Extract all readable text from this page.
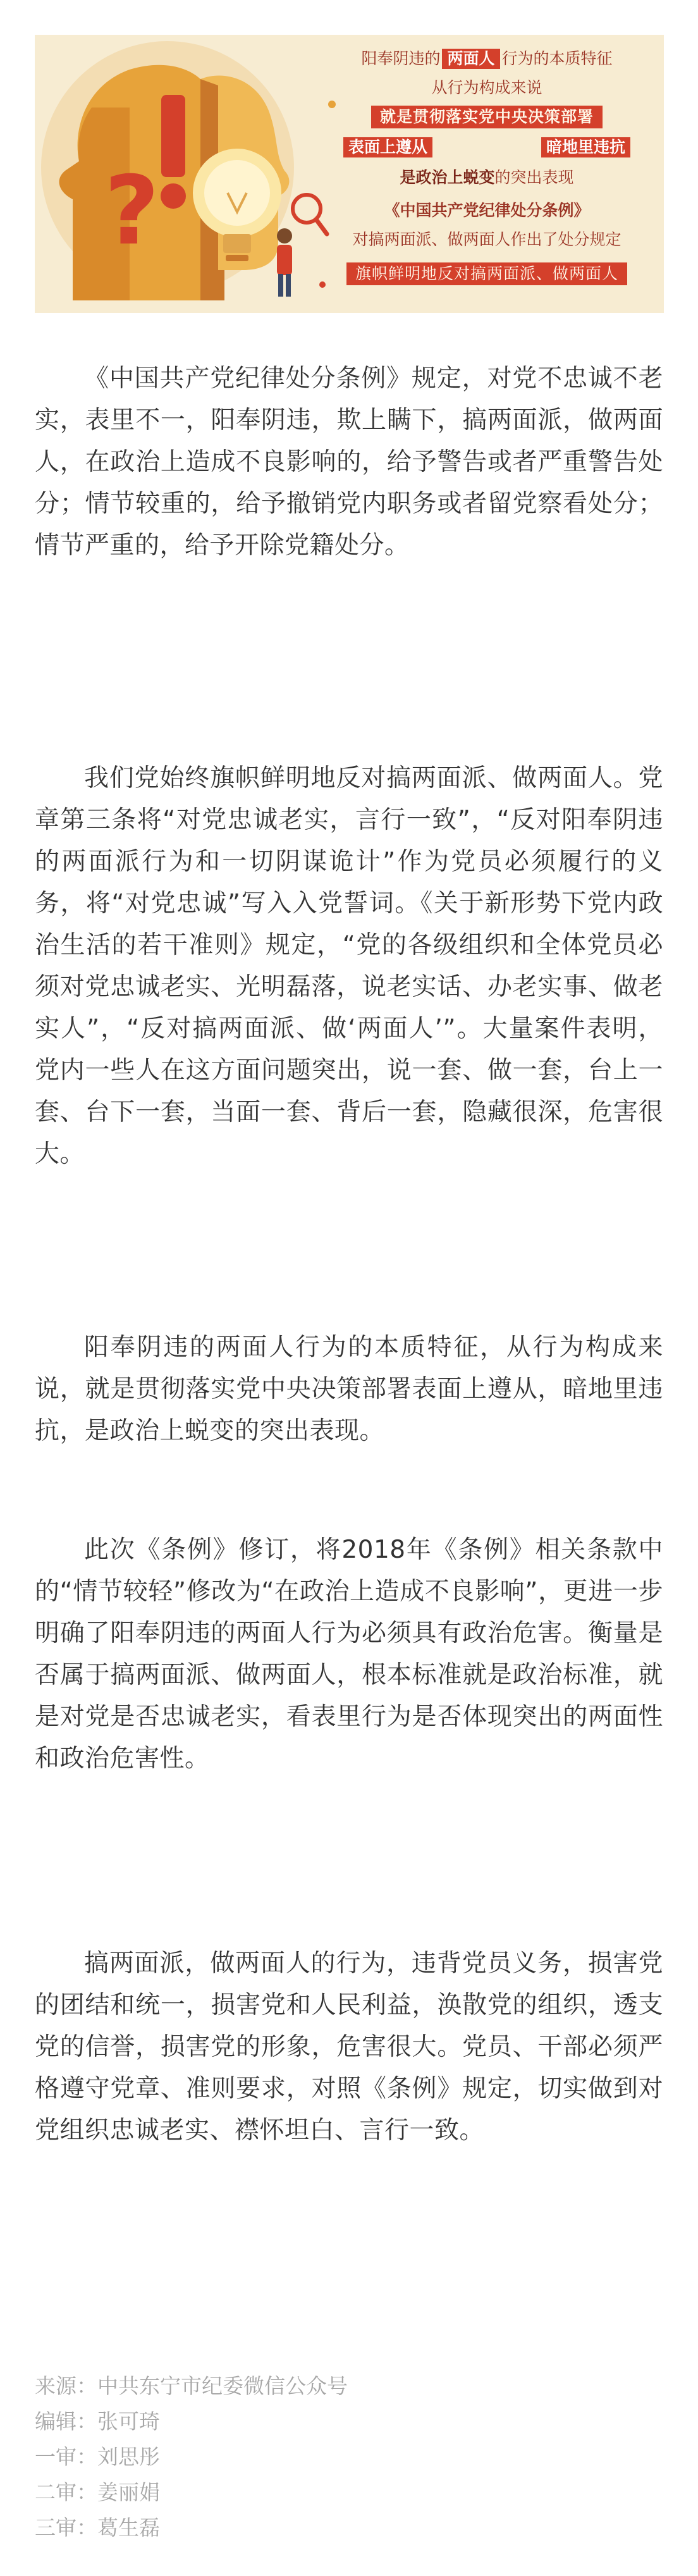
?
阳奉阴违的 两面人 行为的本质特征
从行为构成来说
就是贯彻落实党中央决策部署
表面上遵从	暗地里违抗
是政治上蜕变的突出表现
《中国共产党纪律处分条例》
对搞两面派、做两面人作出了处分规定
旗帜鲜明地反对搞两面派、做两面人

《中国共产党纪律处分条例》规定，对党不忠诚不老实，表里不一，阳奉阴违，欺上瞒下，搞两面派，做两面人，在政治上造成不良影响的，给予警告或者严重警告处分；情节较重的，给予撤销党内职务或者留党察看处分；情节严重的，给予开除党籍处分。

我们党始终旗帜鲜明地反对搞两面派、做两面人。党章第三条将“对党忠诚老实，言行一致”，“反对阳奉阴违的两面派行为和一切阴谋诡计”作为党员必须履行的义务，将“对党忠诚”写入入党誓词。《关于新形势下党内政治生活的若干准则》规定，“党的各级组织和全体党员必须对党忠诚老实、光明磊落，说老实话、办老实事、做老实人”，“反对搞两面派、做‘两面人’”。大量案件表明，党内一些人在这方面问题突出，说一套、做一套，台上一套、台下一套，当面一套、背后一套，隐藏很深，危害很大。

阳奉阴违的两面人行为的本质特征，从行为构成来说，就是贯彻落实党中央决策部署表面上遵从，暗地里违抗，是政治上蜕变的突出表现。

此次《条例》修订，将2018年《条例》相关条款中的“情节较轻”修改为“在政治上造成不良影响”，更进一步明确了阳奉阴违的两面人行为必须具有政治危害。衡量是否属于搞两面派、做两面人，根本标准就是政治标准，就是对党是否忠诚老实，看表里行为是否体现突出的两面性和政治危害性。

搞两面派，做两面人的行为，违背党员义务，损害党的团结和统一，损害党和人民利益，涣散党的组织，透支党的信誉，损害党的形象，危害很大。党员、干部必须严格遵守党章、准则要求，对照《条例》规定，切实做到对党组织忠诚老实、襟怀坦白、言行一致。

来源： 中共东宁市纪委微信公众号
编辑： 张可琦
一审： 刘思彤
二审： 姜丽娟
三审： 葛生磊
